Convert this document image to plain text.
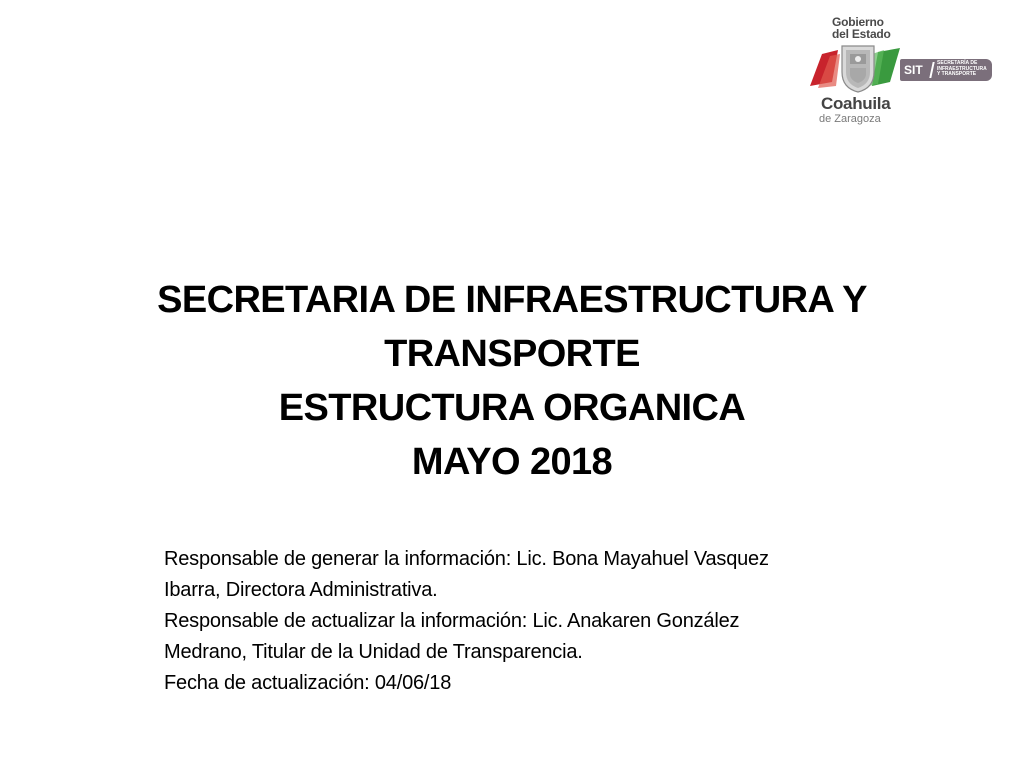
Gobierno
del Estado
SIT	SECRETARÍA DE
INFRAESTRUCTURA
Y TRANSPORTE
Coahuila
de Zaragoza
SECRETARIA DE INFRAESTRUCTURA Y
TRANSPORTE
ESTRUCTURA ORGANICA
MAYO 2018
Responsable de generar la información: Lic. Bona Mayahuel Vasquez
Ibarra, Directora Administrativa.
Responsable de actualizar la información: Lic. Anakaren González
Medrano, Titular de la Unidad de Transparencia.
Fecha de actualización: 04/06/18
